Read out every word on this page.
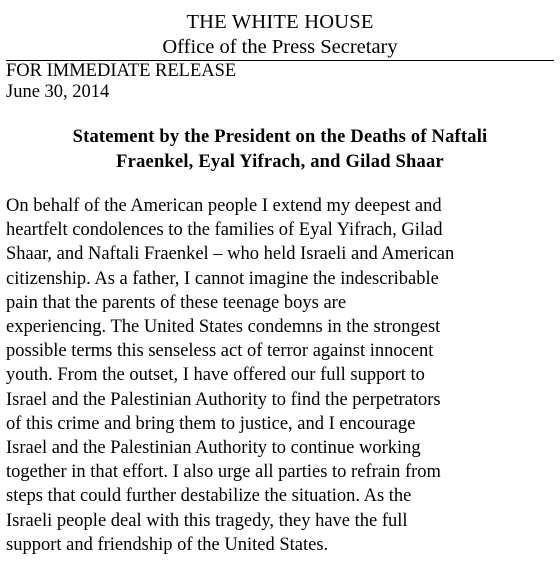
THE WHITE HOUSE
Office of the Press Secretary
FOR IMMEDIATE RELEASE
June 30, 2014
Statement by the President on the Deaths of Naftali
Fraenkel, Eyal Yifrach, and Gilad Shaar
On behalf of the American people I extend my deepest and
heartfelt condolences to the families of Eyal Yifrach, Gilad
Shaar, and Naftali Fraenkel – who held Israeli and American
citizenship. As a father, I cannot imagine the indescribable
pain that the parents of these teenage boys are
experiencing. The United States condemns in the strongest
possible terms this senseless act of terror against innocent
youth. From the outset, I have offered our full support to
Israel and the Palestinian Authority to find the perpetrators
of this crime and bring them to justice, and I encourage
Israel and the Palestinian Authority to continue working
together in that effort. I also urge all parties to refrain from
steps that could further destabilize the situation. As the
Israeli people deal with this tragedy, they have the full
support and friendship of the United States.
